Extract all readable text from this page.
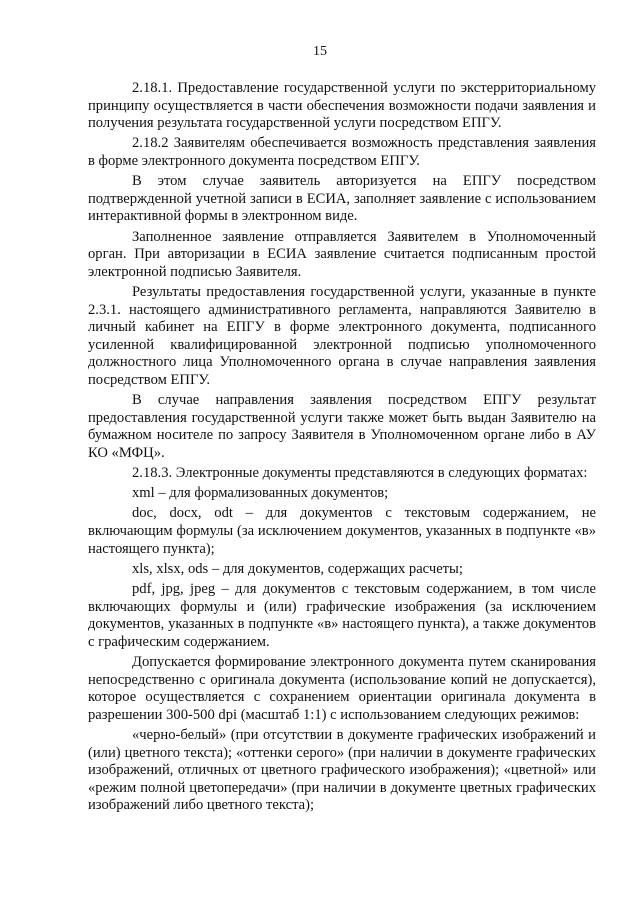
15

2.18.1. Предоставление государственной услуги по экстерриториальному принципу осуществляется в части обеспечения возможности подачи заявления и получения результата государственной услуги посредством ЕПГУ.

2.18.2 Заявителям обеспечивается возможность представления заявления в форме электронного документа посредством ЕПГУ.

В этом случае заявитель авторизуется на ЕПГУ посредством подтвержденной учетной записи в ЕСИА, заполняет заявление с использованием интерактивной формы в электронном виде.

Заполненное заявление отправляется Заявителем в Уполномоченный орган. При авторизации в ЕСИА заявление считается подписанным простой электронной подписью Заявителя.

Результаты предоставления государственной услуги, указанные в пункте 2.3.1. настоящего административного регламента, направляются Заявителю в личный кабинет на ЕПГУ в форме электронного документа, подписанного усиленной квалифицированной электронной подписью уполномоченного должностного лица Уполномоченного органа в случае направления заявления посредством ЕПГУ.

В случае направления заявления посредством ЕПГУ результат предоставления государственной услуги также может быть выдан Заявителю на бумажном носителе по запросу Заявителя в Уполномоченном органе либо в АУ КО «МФЦ».

2.18.3. Электронные документы представляются в следующих форматах:

xml – для формализованных документов;

doc, docx, odt – для документов с текстовым содержанием, не включающим формулы (за исключением документов, указанных в подпункте «в» настоящего пункта);

xls, xlsx, ods – для документов, содержащих расчеты;

pdf, jpg, jpeg – для документов с текстовым содержанием, в том числе включающих формулы и (или) графические изображения (за исключением документов, указанных в подпункте «в» настоящего пункта), а также документов с графическим содержанием.

Допускается формирование электронного документа путем сканирования непосредственно с оригинала документа (использование копий не допускается), которое осуществляется с сохранением ориентации оригинала документа в разрешении 300-500 dpi (масштаб 1:1) с использованием следующих режимов:

«черно-белый» (при отсутствии в документе графических изображений и (или) цветного текста); «оттенки серого» (при наличии в документе графических изображений, отличных от цветного графического изображения); «цветной» или «режим полной цветопередачи» (при наличии в документе цветных графических изображений либо цветного текста);
